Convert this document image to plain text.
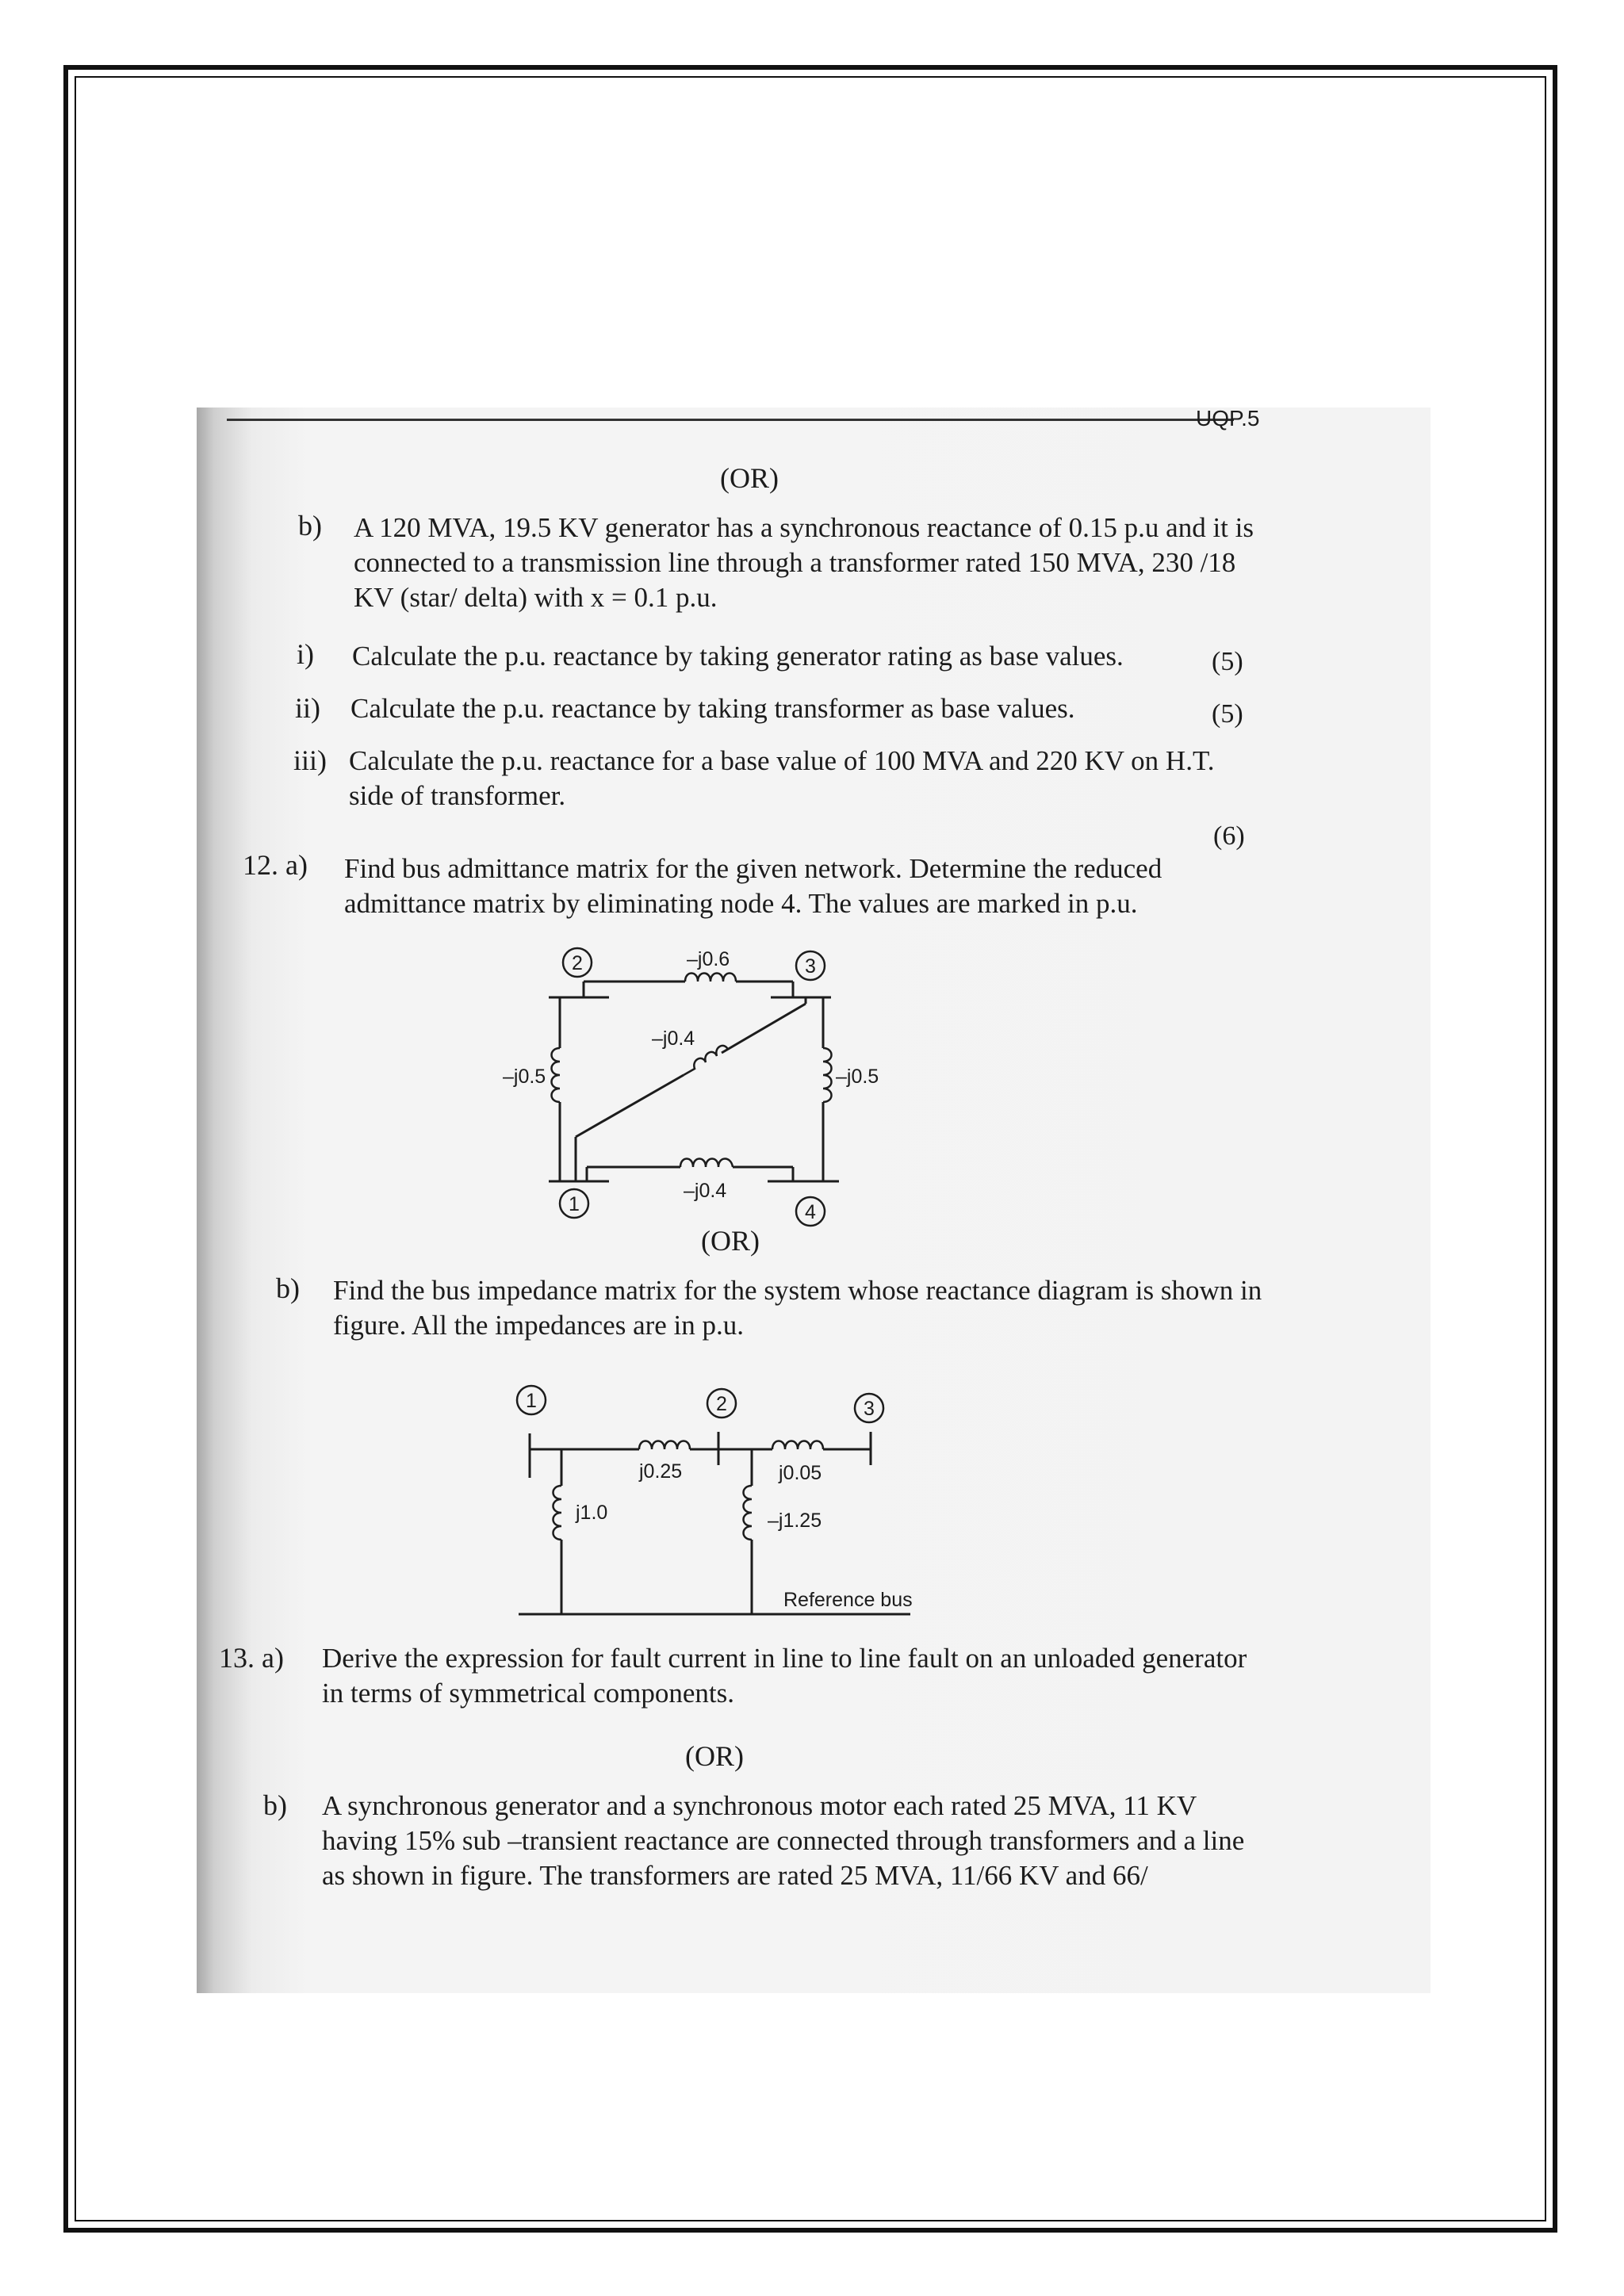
UQP.5
(OR)
b) A 120 MVA, 19.5 KV generator has a synchronous reactance of 0.15 p.u and it is connected to a transmission line through a transformer rated 150 MVA, 230 /18 KV (star/ delta) with x = 0.1 p.u.
i) Calculate the p.u. reactance by taking generator rating as base values.	(5)
ii) Calculate the p.u. reactance by taking transformer as base values.	(5)
iii) Calculate the p.u. reactance for a base value of 100 MVA and 220 KV on H.T. side of transformer.
(6)
12. a) Find bus admittance matrix for the given network. Determine the reduced admittance matrix by eliminating node 4. The values are marked in p.u.
2	3
1	4
–j0.6
–j0.4
–j0.5	–j0.5
–j0.4
(OR)
b) Find the bus impedance matrix for the system whose reactance diagram is shown in figure. All the impedances are in p.u.
1	2	3
j0.25	j0.05
j1.0	–j1.25
Reference bus
13. a) Derive the expression for fault current in line to line fault on an unloaded generator in terms of symmetrical components.
(OR)
b) A synchronous generator and a synchronous motor each rated 25 MVA, 11 KV having 15% sub –transient reactance are connected through transformers and a line as shown in figure. The transformers are rated 25 MVA, 11/66 KV and 66/
